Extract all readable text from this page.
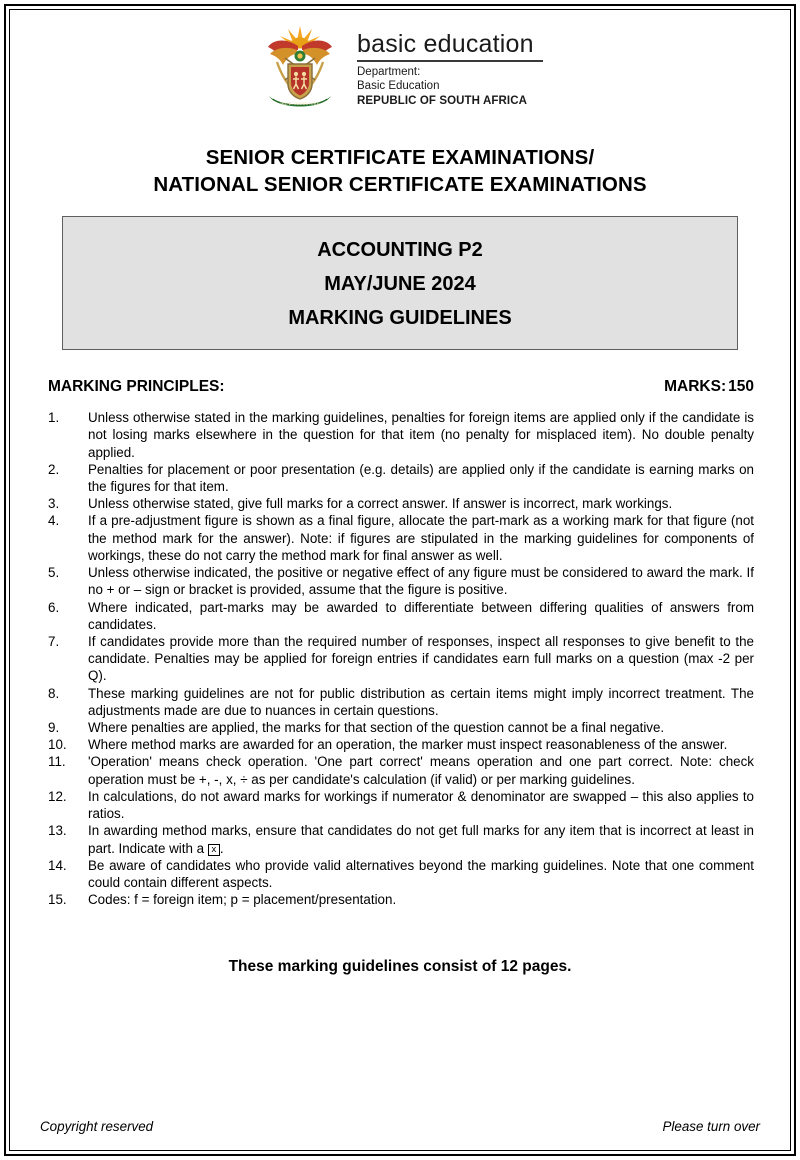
!KE E: /XARRA //KE
basic education
Department:
Basic Education
REPUBLIC OF SOUTH AFRICA
SENIOR CERTIFICATE EXAMINATIONS/
NATIONAL SENIOR CERTIFICATE EXAMINATIONS
ACCOUNTING P2
MAY/JUNE 2024
MARKING GUIDELINES
MARKING PRINCIPLES:	MARKS: 150
1.	Unless otherwise stated in the marking guidelines, penalties for foreign items are applied only if the candidate is not losing marks elsewhere in the question for that item (no penalty for misplaced item). No double penalty applied.
2.	Penalties for placement or poor presentation (e.g. details) are applied only if the candidate is earning marks on the figures for that item.
3.	Unless otherwise stated, give full marks for a correct answer. If answer is incorrect, mark workings.
4.	If a pre-adjustment figure is shown as a final figure, allocate the part-mark as a working mark for that figure (not the method mark for the answer). Note: if figures are stipulated in the marking guidelines for components of workings, these do not carry the method mark for final answer as well.
5.	Unless otherwise indicated, the positive or negative effect of any figure must be considered to award the mark. If no + or – sign or bracket is provided, assume that the figure is positive.
6.	Where indicated, part-marks may be awarded to differentiate between differing qualities of answers from candidates.
7.	If candidates provide more than the required number of responses, inspect all responses to give benefit to the candidate. Penalties may be applied for foreign entries if candidates earn full marks on a question (max -2 per Q).
8.	These marking guidelines are not for public distribution as certain items might imply incorrect treatment. The adjustments made are due to nuances in certain questions.
9.	Where penalties are applied, the marks for that section of the question cannot be a final negative.
10.	Where method marks are awarded for an operation, the marker must inspect reasonableness of the answer.
11.	'Operation' means check operation. 'One part correct' means operation and one part correct. Note: check operation must be +, -, x, ÷ as per candidate's calculation (if valid) or per marking guidelines.
12.	In calculations, do not award marks for workings if numerator & denominator are swapped – this also applies to ratios.
13.	In awarding method marks, ensure that candidates do not get full marks for any item that is incorrect at least in part. Indicate with a x .
14.	Be aware of candidates who provide valid alternatives beyond the marking guidelines. Note that one comment could contain different aspects.
15.	Codes: f = foreign item; p = placement/presentation.
These marking guidelines consist of 12 pages.
Copyright reserved	Please turn over
